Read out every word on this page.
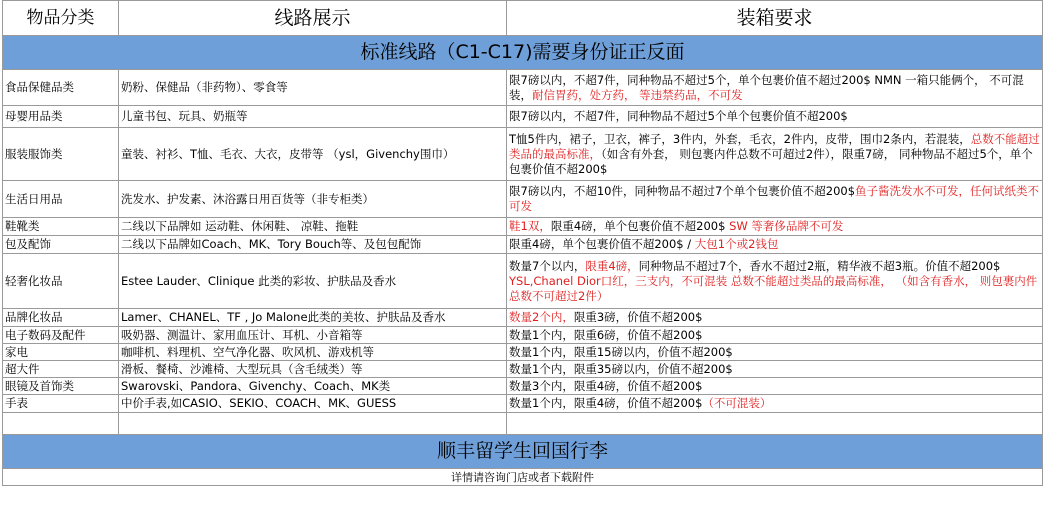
物品分类	线路展示	装箱要求
标准线路（C1-C17)需要身份证正反面		
食品保健品类	奶粉、保健品（非药物）、零食等	限7磅以内，不超7件，同种物品不超过5个，单个包裹价值不超过200$ NMN 一箱只能俩个， 不可混装，耐信胃药，处方药， 等违禁药品，不可发
母婴用品类	儿童书包、玩具、奶瓶等	限7磅以内，不超7件，同种物品不超过5个单个包裹价值不超200$
服装服饰类	童装、衬衫、T恤、毛衣、大衣，皮带等 （ysl，Givenchy围巾）	T恤5件内，裙子，卫衣，裤子，3件内，外套，毛衣，2件内，皮带，围巾2条内，若混装，总数不能超过类品的最高标准，（如含有外套， 则包裹内件总数不可超过2件），限重7磅， 同种物品不超过5个，单个包裹价值不超200$
生活日用品	洗发水、护发素、沐浴露日用百货等（非专柜类）	限7磅以内，不超10件，同种物品不超过7个单个包裹价值不超200$鱼子酱洗发水不可发，任何试纸类不可发
鞋靴类	二线以下品牌如 运动鞋、休闲鞋、 凉鞋、拖鞋	鞋1双，限重4磅，单个包裹价值不超200$ SW 等奢侈品牌不可发
包及配饰	二线以下品牌如Coach、MK、Tory Bouch等、及包包配饰	限重4磅，单个包裹价值不超200$ / 大包1个或2钱包
轻奢化妆品	Estee Lauder、Clinique 此类的彩妆、护肤品及香水	数量7个以内，限重4磅，同种物品不超过7个，香水不超过2瓶，精华液不超3瓶。价值不超200$
YSL,Chanel Dior口红，三支内，不可混装 总数不能超过类品的最高标准， （如含有香水， 则包裹内件总数不可超过2件）
品牌化妆品	Lamer、CHANEL、TF , Jo Malone此类的美妆、护肤品及香水	数量2个内，限重3磅，价值不超200$
电子数码及配件	吸奶器、测温计、家用血压计、耳机、小音箱等	数量1个内，限重6磅，价值不超200$
家电	咖啡机、料理机、空气净化器、吹风机、游戏机等	数量1个内，限重15磅以内，价值不超200$
超大件	滑板、餐椅、沙滩椅、大型玩具（含毛绒类）等	数量1个内，限重35磅以内，价值不超200$
眼镜及首饰类	Swarovski、Pandora、Givenchy、Coach、MK类	数量3个内，限重4磅，价值不超200$
手表	中价手表,如CASIO、SEKIO、COACH、MK、GUESS	数量1个内，限重4磅，价值不超200$（不可混装）

顺丰留学生回国行李		
详情请咨询门店或者下载附件		
